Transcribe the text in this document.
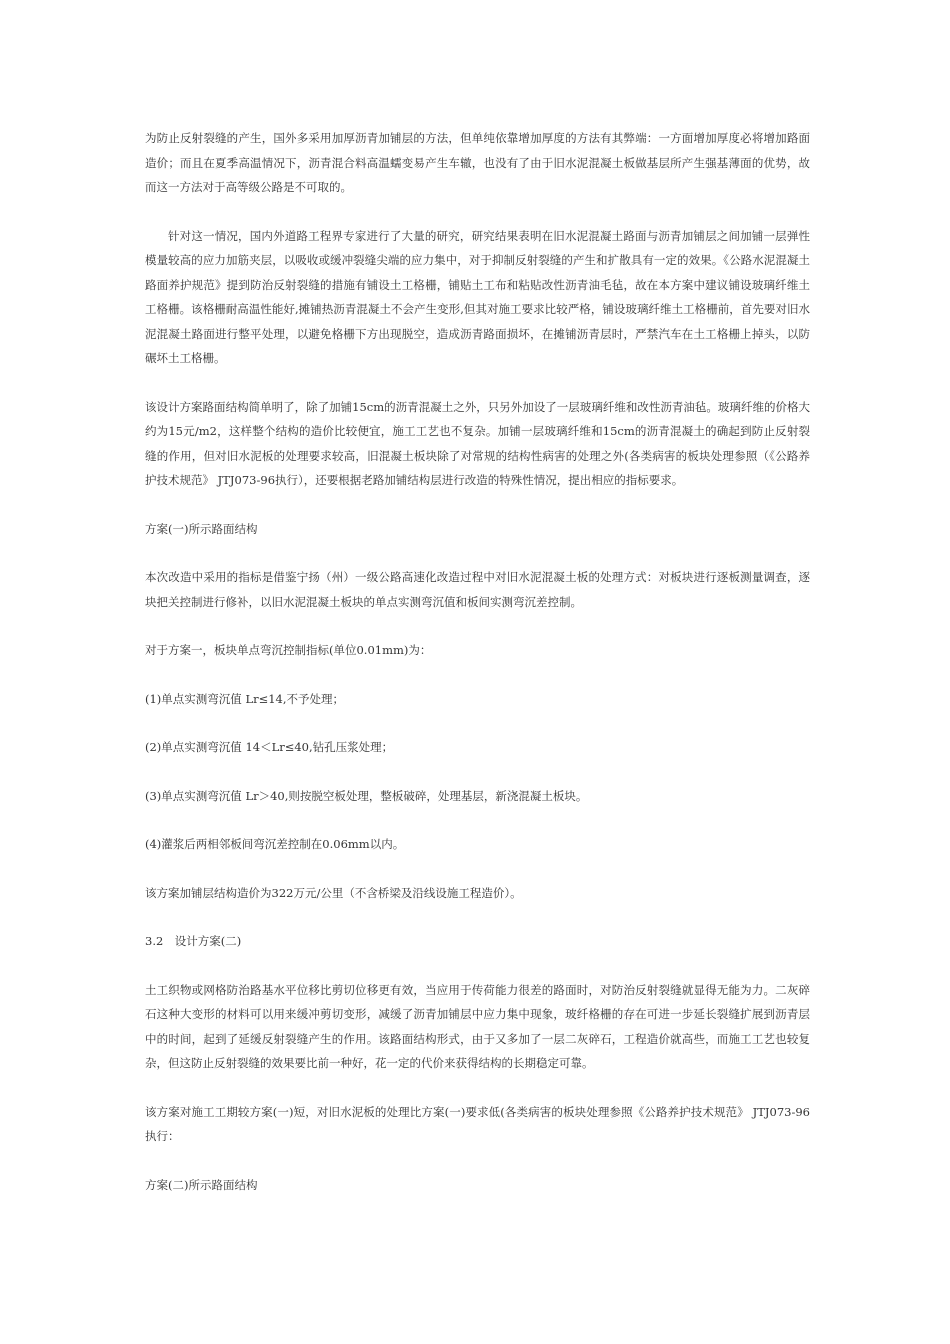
为防止反射裂缝的产生，国外多采用加厚沥青加铺层的方法，但单纯依靠增加厚度的方法有其弊端：一方面增加厚度必将增加路面造价；而且在夏季高温情况下，沥青混合料高温蠕变易产生车辙，也没有了由于旧水泥混凝土板做基层所产生强基薄面的优势，故而这一方法对于高等级公路是不可取的。

针对这一情况，国内外道路工程界专家进行了大量的研究，研究结果表明在旧水泥混凝土路面与沥青加铺层之间加铺一层弹性模量较高的应力加筋夹层，以吸收或缓冲裂缝尖端的应力集中，对于抑制反射裂缝的产生和扩散具有一定的效果。《公路水泥混凝土路面养护规范》提到防治反射裂缝的措施有铺设土工格栅，铺贴土工布和粘贴改性沥青油毛毡，故在本方案中建议铺设玻璃纤维土工格栅。该格栅耐高温性能好,摊铺热沥青混凝土不会产生变形,但其对施工要求比较严格，铺设玻璃纤维土工格栅前，首先要对旧水泥混凝土路面进行整平处理，以避免格栅下方出现脱空，造成沥青路面损坏，在摊铺沥青层时，严禁汽车在土工格栅上掉头，以防碾坏土工格栅。

该设计方案路面结构简单明了，除了加铺15cm的沥青混凝土之外，只另外加设了一层玻璃纤维和改性沥青油毡。玻璃纤维的价格大约为15元/m2，这样整个结构的造价比较便宜，施工工艺也不复杂。加铺一层玻璃纤维和15cm的沥青混凝土的确起到防止反射裂缝的作用，但对旧水泥板的处理要求较高，旧混凝土板块除了对常规的结构性病害的处理之外(各类病害的板块处理参照（《公路养护技术规范》 JTJ073-96执行），还要根据老路加铺结构层进行改造的特殊性情况，提出相应的指标要求。

方案(一)所示路面结构

本次改造中采用的指标是借鉴宁扬（州）一级公路高速化改造过程中对旧水泥混凝土板的处理方式：对板块进行逐板测量调查，逐块把关控制进行修补，以旧水泥混凝土板块的单点实测弯沉值和板间实测弯沉差控制。

对于方案一，板块单点弯沉控制指标(单位0.01mm)为：

(1)单点实测弯沉值 Lr≤14,不予处理；

(2)单点实测弯沉值 14＜Lr≤40,钻孔压浆处理；

(3)单点实测弯沉值 Lr＞40,则按脱空板处理，整板破碎，处理基层，新浇混凝土板块。

(4)灌浆后两相邻板间弯沉差控制在0.06mm以内。

该方案加铺层结构造价为322万元/公里（不含桥梁及沿线设施工程造价）。

3.2　设计方案(二)

土工织物或网格防治路基水平位移比剪切位移更有效，当应用于传荷能力很差的路面时，对防治反射裂缝就显得无能为力。二灰碎石这种大变形的材料可以用来缓冲剪切变形，减缓了沥青加铺层中应力集中现象，玻纤格栅的存在可进一步延长裂缝扩展到沥青层中的时间，起到了延缓反射裂缝产生的作用。该路面结构形式，由于又多加了一层二灰碎石，工程造价就高些，而施工工艺也较复杂，但这防止反射裂缝的效果要比前一种好，花一定的代价来获得结构的长期稳定可靠。

该方案对施工工期较方案(一)短，对旧水泥板的处理比方案(一)要求低(各类病害的板块处理参照《公路养护技术规范》 JTJ073-96执行：

方案(二)所示路面结构
